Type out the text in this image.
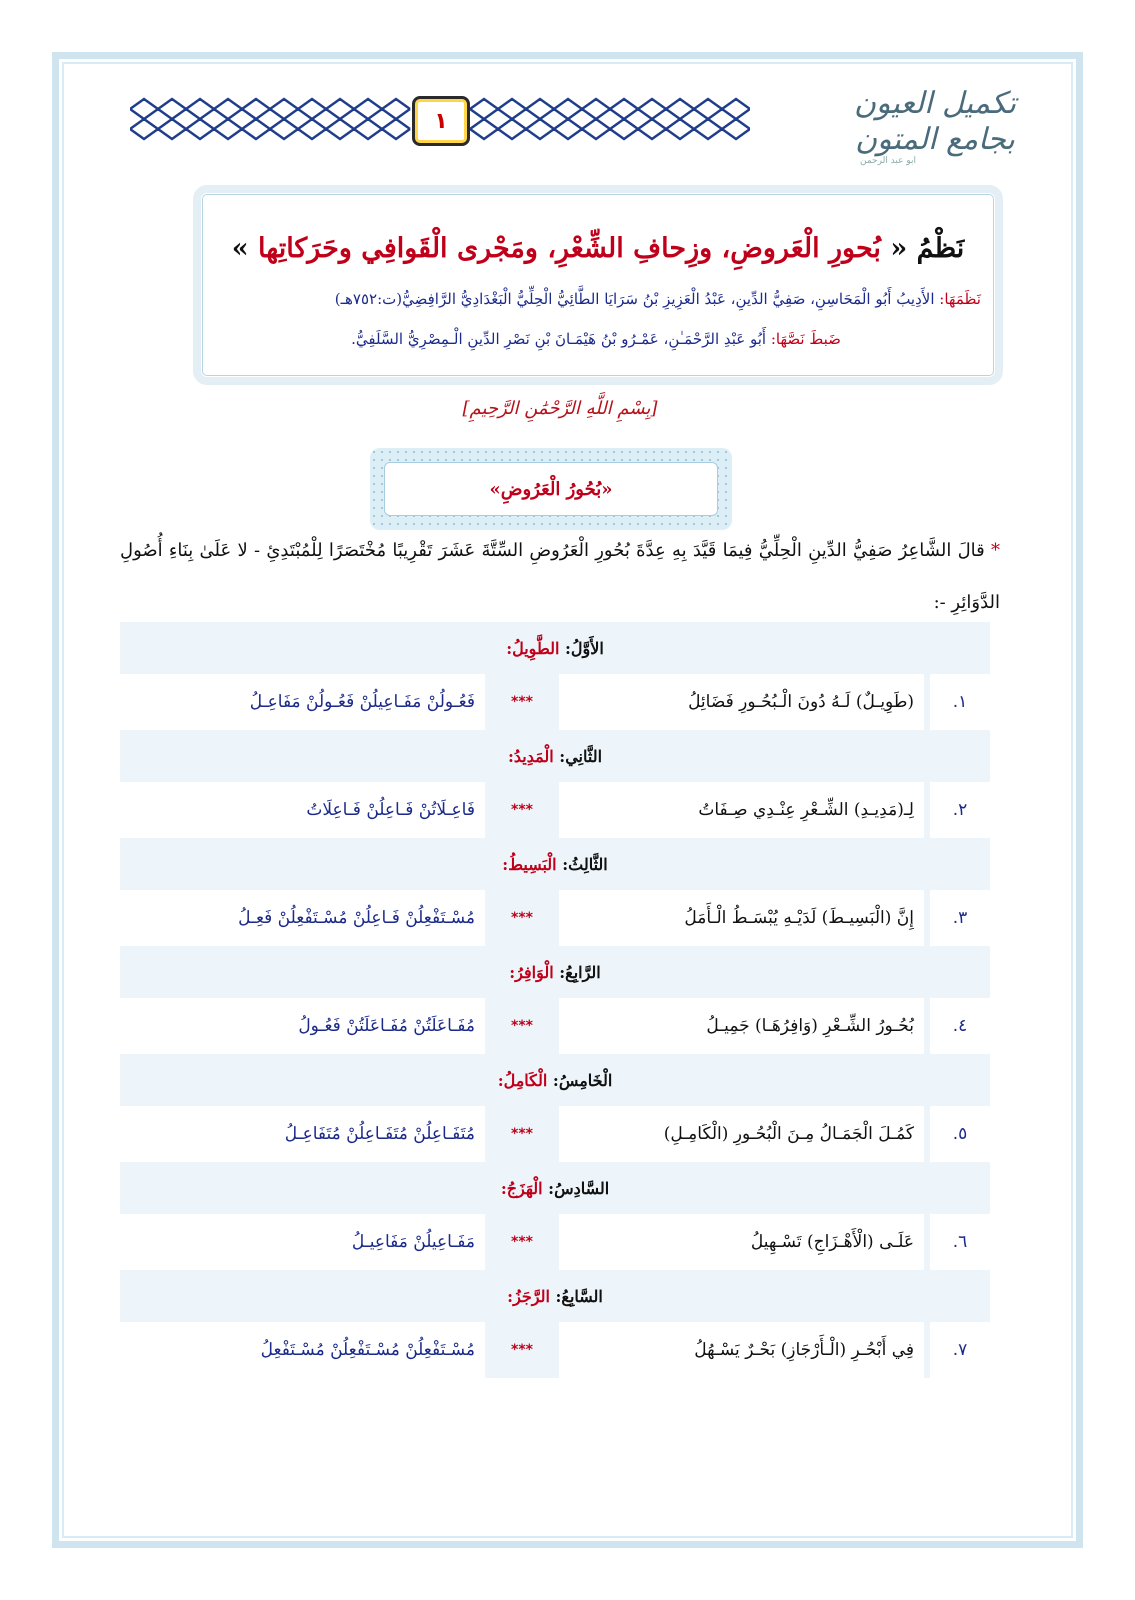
تكميل العيون
بجامع المتون
ابو عبد الرحمن
١
نَظْمُ « بُحورِ الْعَروضِ، وزِحافِ الشِّعْرِ، ومَجْرى الْقَوافِي وحَرَكاتِها »
نَظَمَهَا: الأَدِيبُ أَبُو الْمَحَاسِنِ، صَفِيُّ الدِّينِ، عَبْدُ الْعَزِيزِ بْنُ سَرَايَا الطَّائِيُّ الْحِلِّيُّ الْبَغْدَادِيُّ الرَّافِضِيُّ(ت:٧٥٢هـ)
ضَبطَ نَصَّهَا: أَبُو عَبْدِ الرَّحْمَـٰنِ، عَمْـرُو بْنُ هَيْمَـانَ بْنِ نَصْرِ الدِّينِ الْـمِصْرِيُّ السَّلَفِيُّ.
[بِسْمِ اللَّهِ الرَّحْمَٰنِ الرَّحِيمِ]
«بُحُورُ الْعَرُوضِ»
* قالَ الشَّاعِرُ صَفِيُّ الدِّينِ الْحِلِّيُّ فِيمَا قَيَّدَ بِهِ عِدَّةَ بُحُورِ الْعَرُوضِ السِّتَّةَ عَشَرَ تَقْرِيبًا مُخْتَصَرًا لِلْمُبْتَدِئِ - لا عَلَىٰ بِنَاءِ أُصُولِ الدَّوَائِرِ -:
الأَوَّلُ:

الطَّوِيلُ:
١.
(طَوِيـلٌ) لَـهُ دُونَ الْـبُحُـورِ فَضَائِلُ
***
فَعُـولُنْ مَفَـاعِيلُنْ فَعُـولُنْ مَفَاعِـلُ
الثَّانِي:

الْمَدِيدُ:
٢.
لِـ(مَدِيـدِ) الشِّـعْرِ عِنْـدِي صِـفَاتُ
***
فَاعِـلَاتُنْ فَـاعِلُنْ فَـاعِلَاتُ
الثَّالِثُ:

الْبَسِيطُ:
٣.
إِنَّ (الْبَسِيـطَ) لَدَيْـهِ يُبْسَـطُ الْـأَمَلُ
***
مُسْـتَفْعِلُنْ فَـاعِلُنْ مُسْـتَفْعِلُنْ فَعِـلُ
الرَّابِعُ:

الْوَافِرُ:
٤.
بُحُـورُ الشِّـعْرِ (وَافِرُهَـا) جَمِيـلُ
***
مُفَـاعَلَتُنْ مُفَـاعَلَتُنْ فَعُـولُ
الْخَامِسُ:

الْكَامِلُ:
٥.
كَمُـلَ الْجَمَـالُ مِـنَ الْبُحُـورِ (الْكَامِـلِ)
***
مُتَفَـاعِلُنْ مُتَفَـاعِلُنْ مُتَفَاعِـلُ
السَّادِسُ:

الْهَزَجُ:
٦.
عَلَـى (الْأَهْـزَاجِ) تَسْـهِيلُ
***
مَفَـاعِيلُنْ مَفَاعِيـلُ
السَّابِعُ:

الرَّجَزُ:
٧.
فِي أَبْحُـرِ (الْـأَرْجَازِ) بَحْـرٌ يَسْـهُلُ
***
مُسْـتَفْعِلُنْ مُسْـتَفْعِلُنْ مُسْـتَفْعِلُ
